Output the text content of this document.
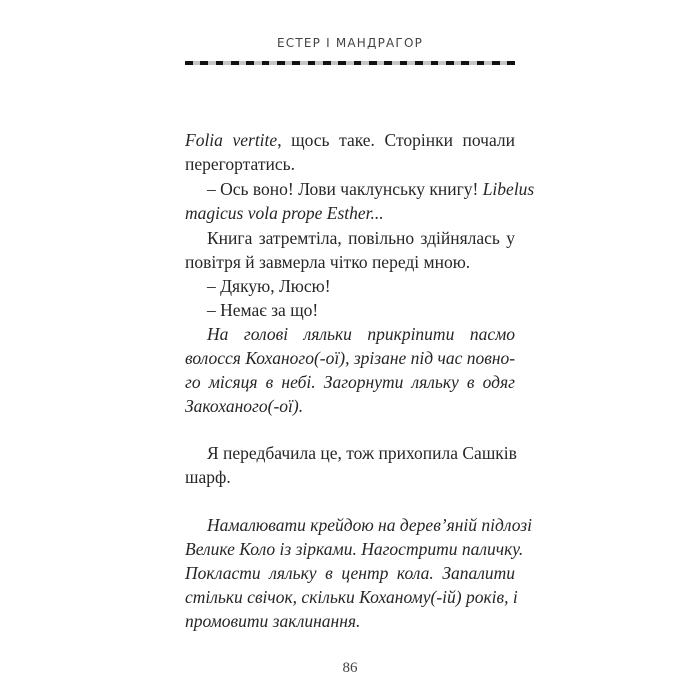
ЕСТЕР І МАНДРАГОР
Folia vertite, щось таке. Сторінки почали
перегортатись.
– Ось воно! Лови чаклунську книгу! Libelus
magicus vola prope Esther...
Книга затремтіла, повільно здійнялась у
повітря й завмерла чітко переді мною.
– Дякую, Люсю!
– Немає за що!
На голові ляльки прикріпити пасмо
волосся Коханого(-ої), зрізане під час повно-
го місяця в небі. Загорнути ляльку в одяг
Закоханого(-ої).
Я передбачила це, тож прихопила Сашків
шарф.
Намалювати крейдою на дерев’яній підлозі
Велике Коло із зірками. Нагострити паличку.
Покласти ляльку в центр кола. Запалити
стільки свічок, скільки Коханому(-ій) років, і
промовити заклинання.
86
